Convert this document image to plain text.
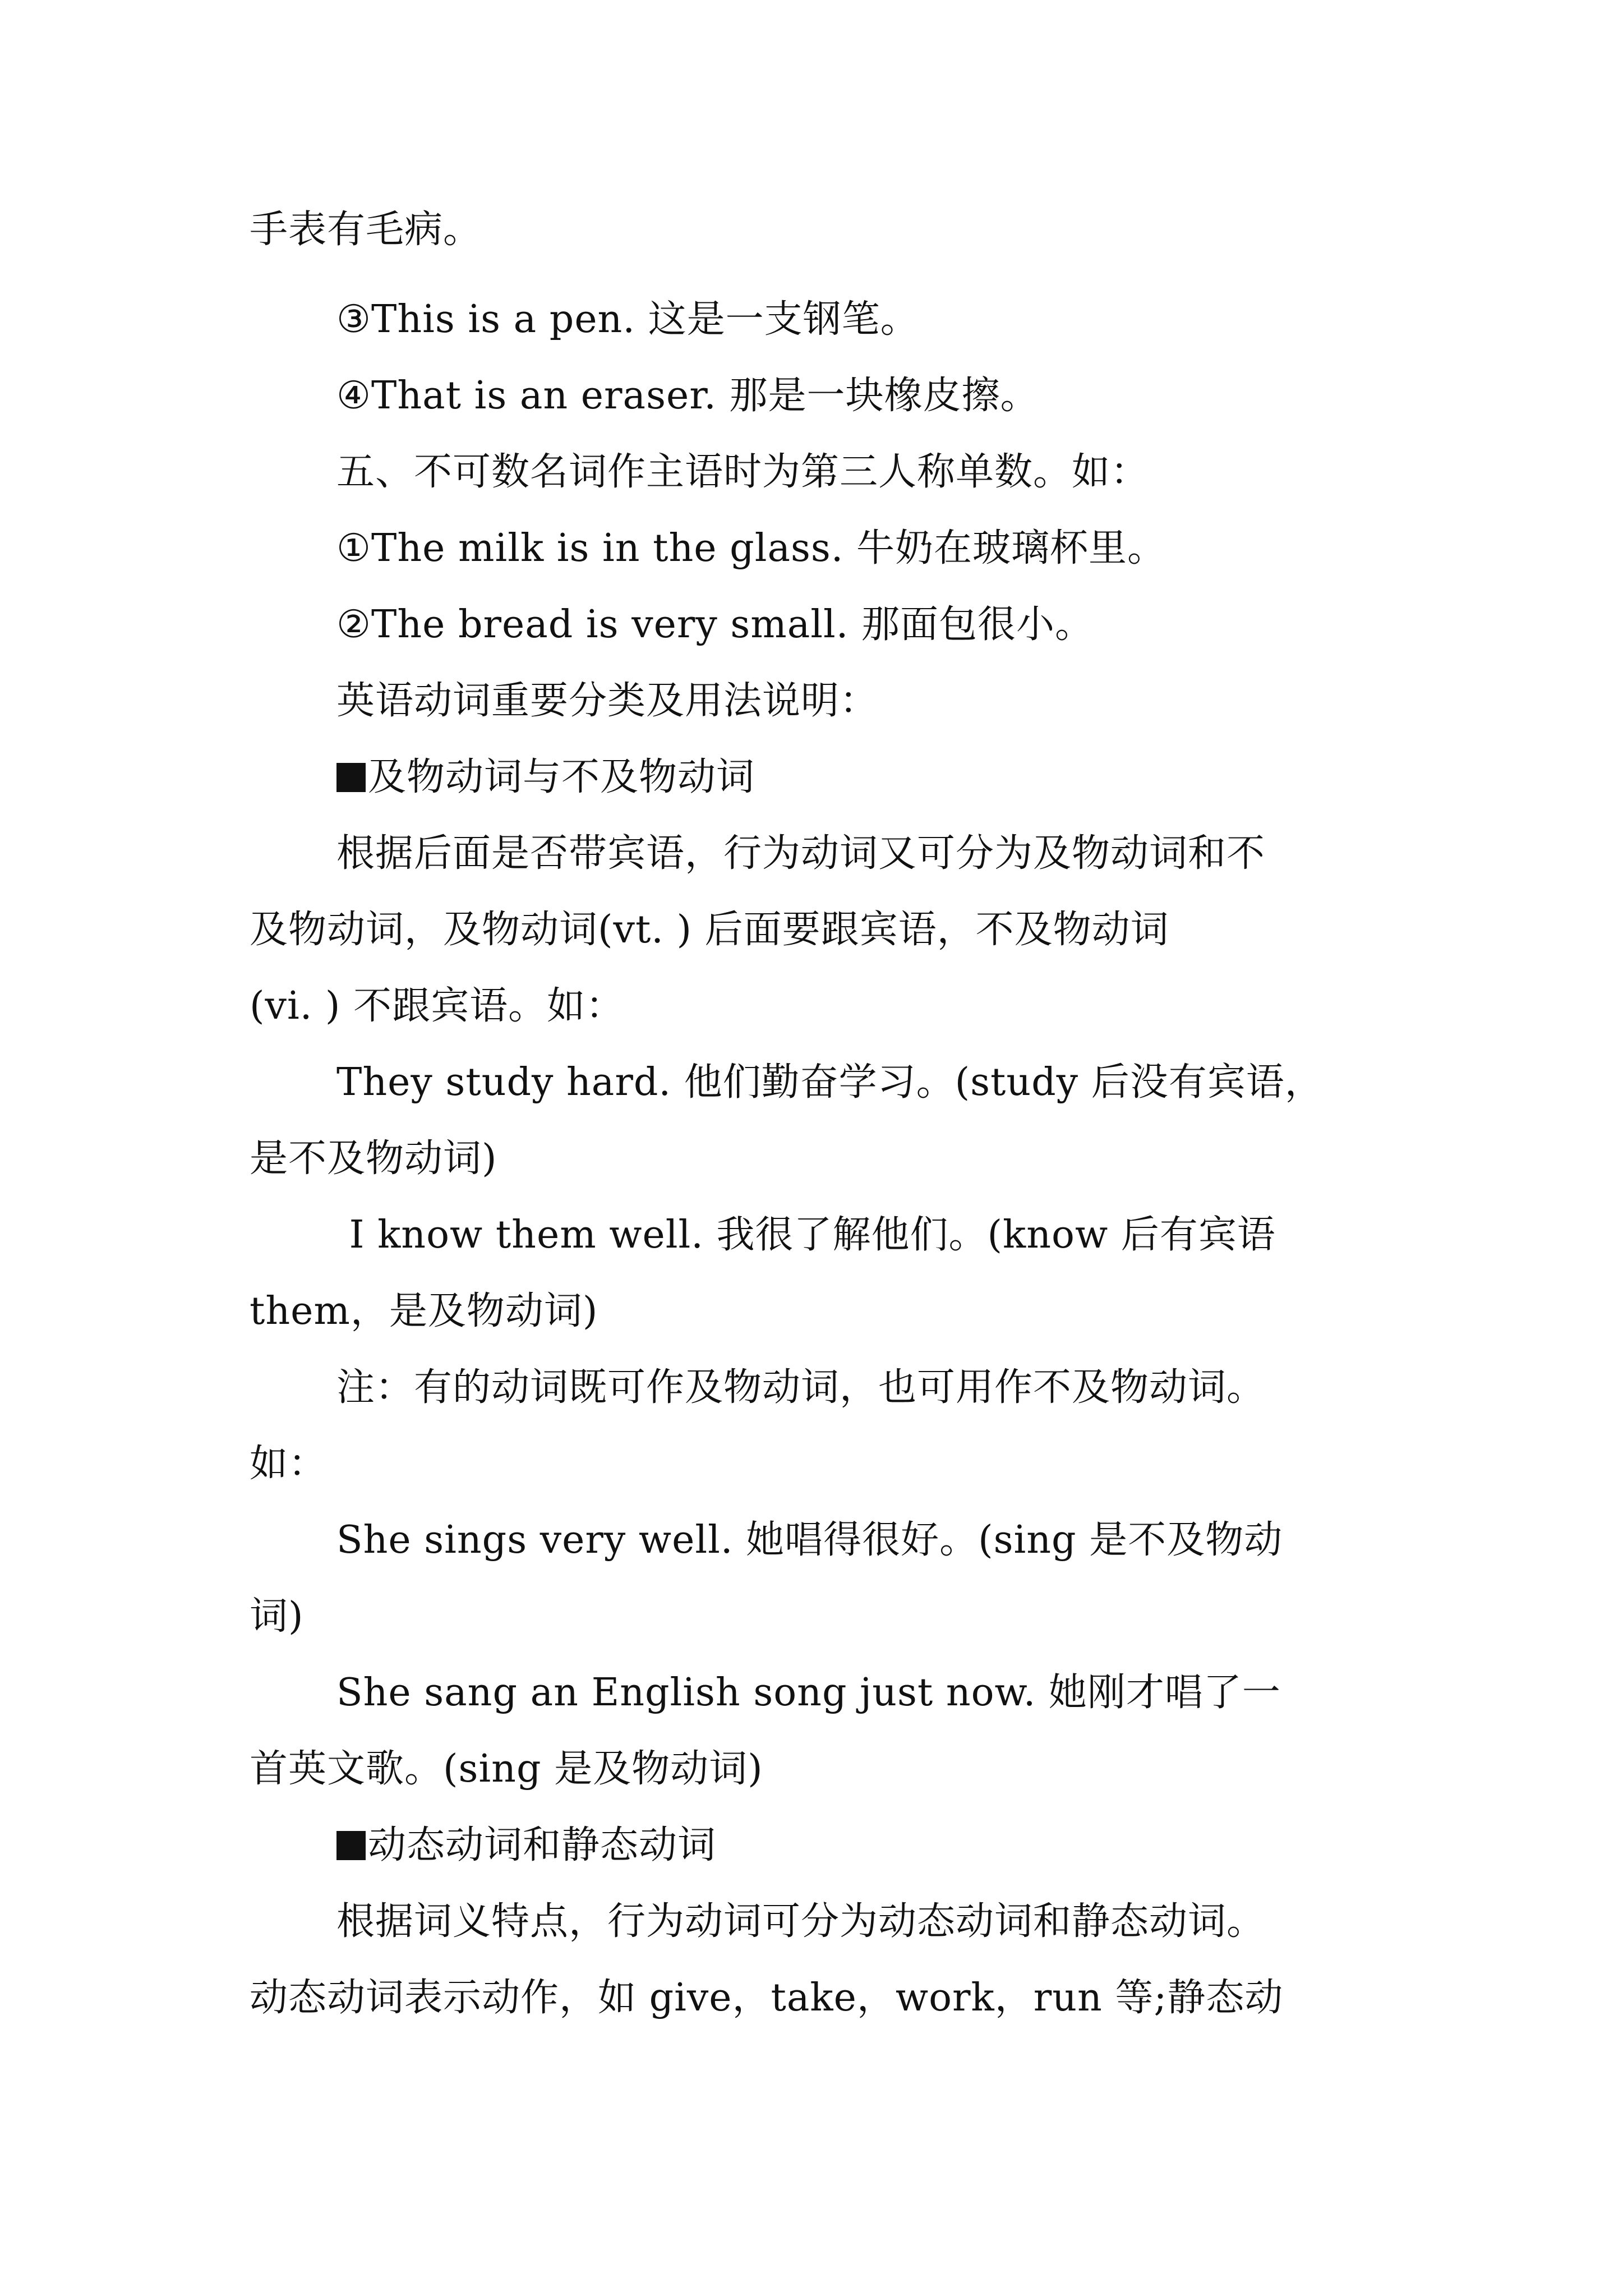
手表有毛病。

③This is a pen. 这是一支钢笔。

④That is an eraser. 那是一块橡皮擦。

五、不可数名词作主语时为第三人称单数。如：

①The milk is in the glass. 牛奶在玻璃杯里。

②The bread is very small. 那面包很小。

英语动词重要分类及用法说明：

及物动词与不及物动词

根据后面是否带宾语，行为动词又可分为及物动词和不

及物动词，及物动词(vt. ) 后面要跟宾语，不及物动词

(vi. ) 不跟宾语。如：

They study hard. 他们勤奋学习。(study 后没有宾语，

是不及物动词)

I know them well. 我很了解他们。(know 后有宾语

them，是及物动词)

注：有的动词既可作及物动词，也可用作不及物动词。

如：

She sings very well. 她唱得很好。(sing 是不及物动

词)

She sang an English song just now. 她刚才唱了一

首英文歌。(sing 是及物动词)

动态动词和静态动词

根据词义特点，行为动词可分为动态动词和静态动词。

动态动词表示动作，如 give，take，work，run 等;静态动
